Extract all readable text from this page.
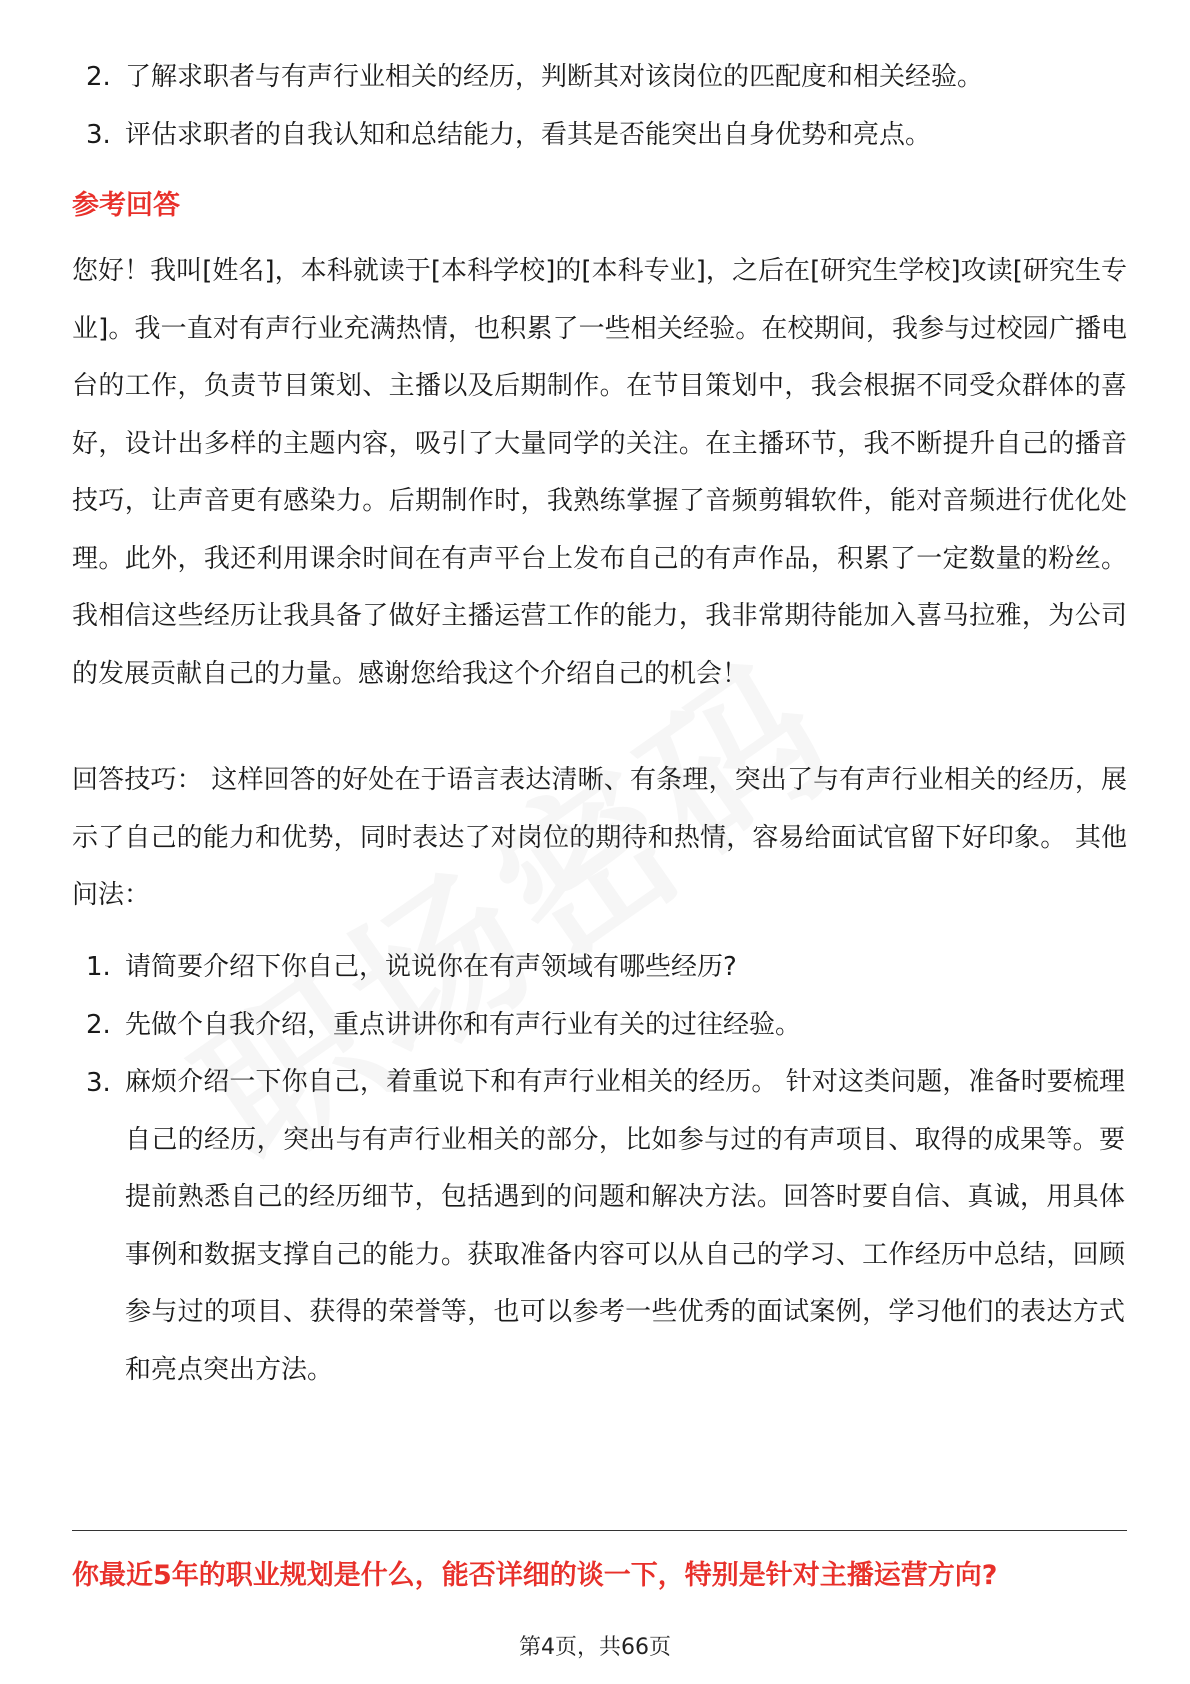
2. 了解求职者与有声行业相关的经历，判断其对该岗位的匹配度和相关经验。
3. 评估求职者的自我认知和总结能力，看其是否能突出自身优势和亮点。
参考回答
您好！我叫[姓名]，本科就读于[本科学校]的[本科专业]，之后在[研究生学校]攻读[研究生专业]。我一直对有声行业充满热情，也积累了一些相关经验。在校期间，我参与过校园广播电台的工作，负责节目策划、主播以及后期制作。在节目策划中，我会根据不同受众群体的喜好，设计出多样的主题内容，吸引了大量同学的关注。在主播环节，我不断提升自己的播音技巧，让声音更有感染力。后期制作时，我熟练掌握了音频剪辑软件，能对音频进行优化处理。此外，我还利用课余时间在有声平台上发布自己的有声作品，积累了一定数量的粉丝。我相信这些经历让我具备了做好主播运营工作的能力，我非常期待能加入喜马拉雅，为公司的发展贡献自己的力量。感谢您给我这个介绍自己的机会！
回答技巧： 这样回答的好处在于语言表达清晰、有条理，突出了与有声行业相关的经历，展示了自己的能力和优势，同时表达了对岗位的期待和热情，容易给面试官留下好印象。 其他问法：
1. 请简要介绍下你自己，说说你在有声领域有哪些经历?
2. 先做个自我介绍，重点讲讲你和有声行业有关的过往经验。
3. 麻烦介绍一下你自己，着重说下和有声行业相关的经历。 针对这类问题，准备时要梳理自己的经历，突出与有声行业相关的部分，比如参与过的有声项目、取得的成果等。要提前熟悉自己的经历细节，包括遇到的问题和解决方法。回答时要自信、真诚，用具体事例和数据支撑自己的能力。获取准备内容可以从自己的学习、工作经历中总结，回顾参与过的项目、获得的荣誉等，也可以参考一些优秀的面试案例，学习他们的表达方式和亮点突出方法。
你最近5年的职业规划是什么，能否详细的谈一下，特别是针对主播运营方向?
第4页，共66页
